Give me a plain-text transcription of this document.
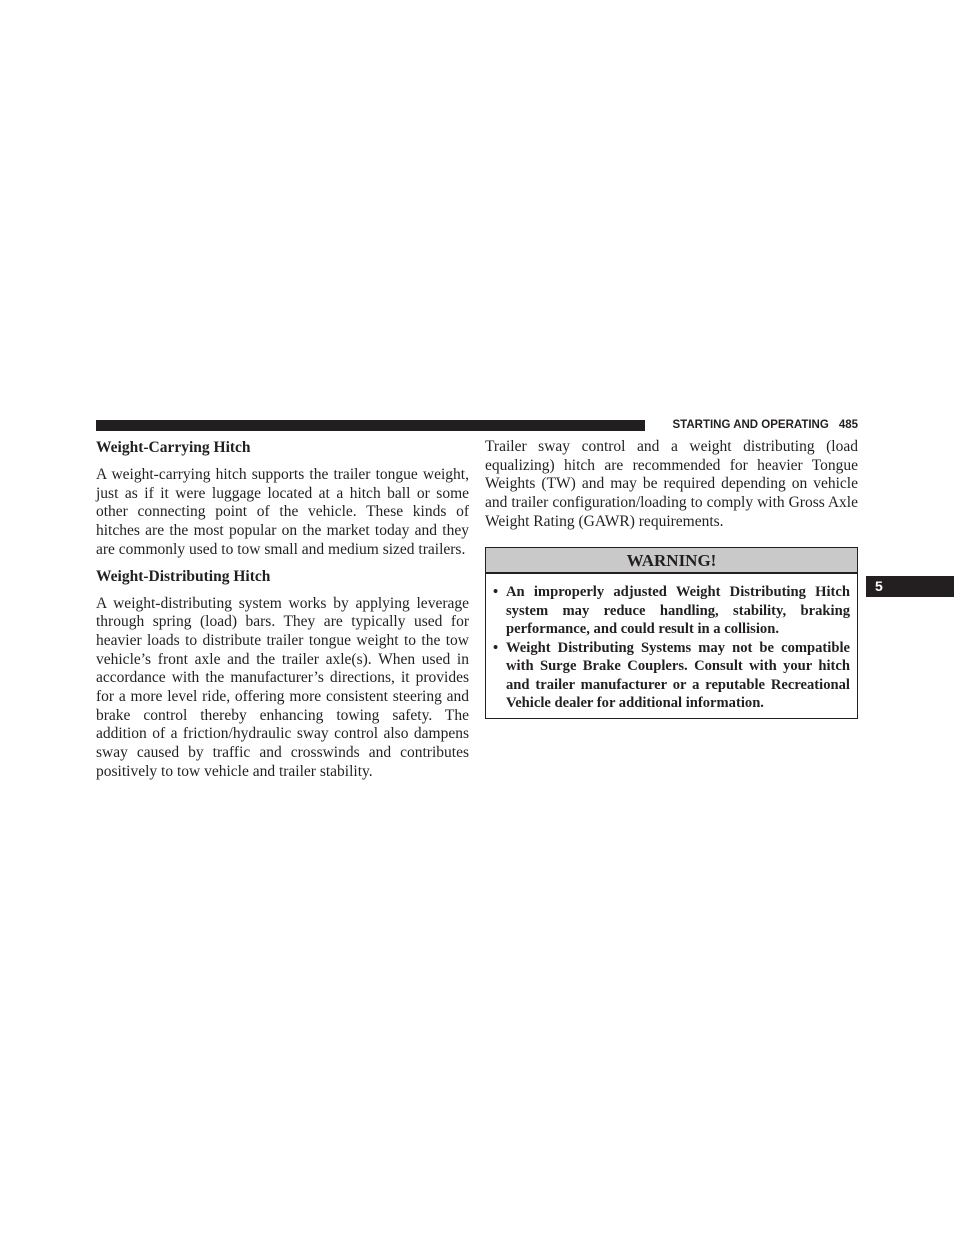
STARTING AND OPERATING 485
Weight-Carrying Hitch

A weight-carrying hitch supports the trailer tongue weight, just as if it were luggage located at a hitch ball or some other connecting point of the vehicle. These kinds of hitches are the most popular on the market today and they are commonly used to tow small and medium sized trailers.

Weight-Distributing Hitch

A weight-distributing system works by applying leverage through spring (load) bars. They are typically used for heavier loads to distribute trailer tongue weight to the tow vehicle’s front axle and the trailer axle(s). When used in accordance with the manufacturer’s directions, it provides for a more level ride, offering more consistent steering and brake control thereby enhancing towing safety. The addition of a friction/hydraulic sway control also dampens sway caused by traffic and crosswinds and contributes positively to tow vehicle and trailer stability.

Trailer sway control and a weight distributing (load equalizing) hitch are recommended for heavier Tongue Weights (TW) and may be required depending on vehicle and trailer configuration/loading to comply with Gross Axle Weight Rating (GAWR) requirements.

WARNING!
• An improperly adjusted Weight Distributing Hitch system may reduce handling, stability, braking performance, and could result in a collision.
• Weight Distributing Systems may not be compatible with Surge Brake Couplers. Consult with your hitch and trailer manufacturer or a reputable Recreational Vehicle dealer for additional information.
5
